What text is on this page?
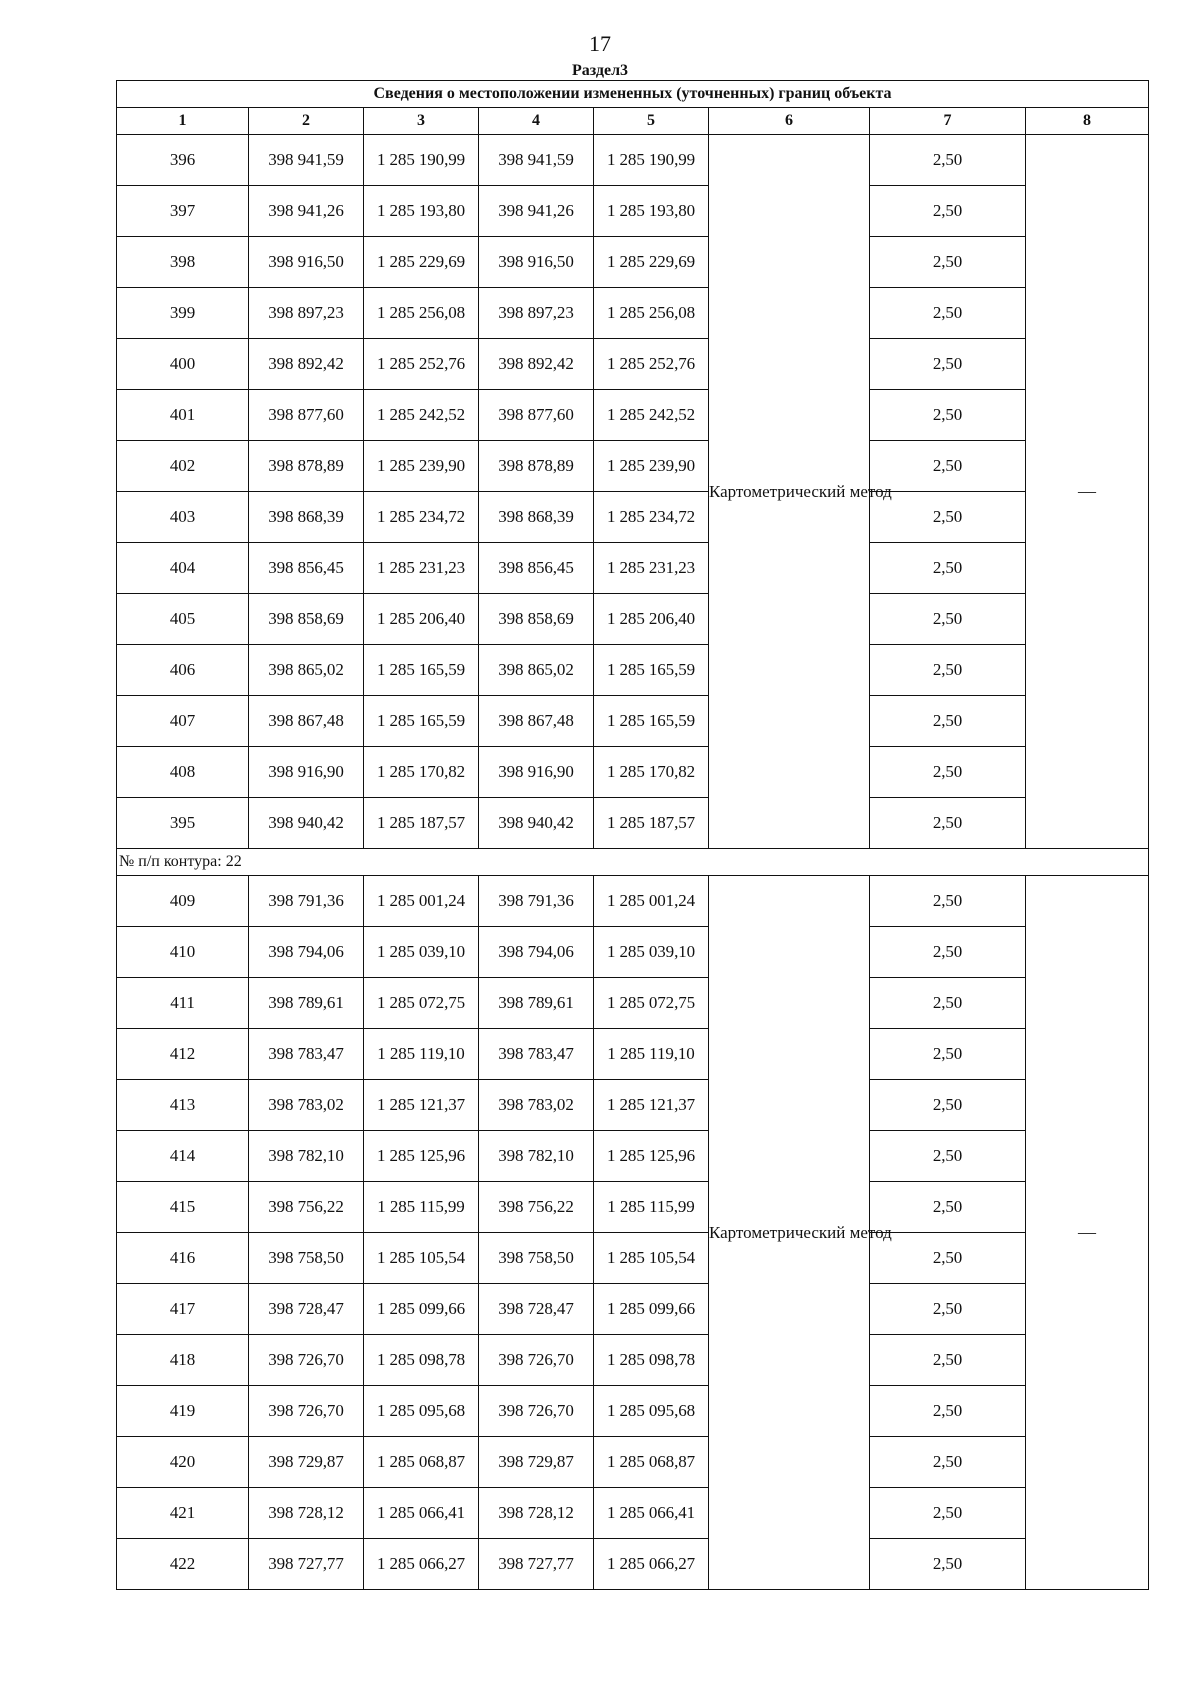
17
Раздел3
Сведения о местоположении измененных (уточненных) границ объекта							
1	2	3	4	5	6	7	8
396	398 941,59	1 285 190,99	398 941,59	1 285 190,99	Картометрический метод	2,50	—
397	398 941,26	1 285 193,80	398 941,26	1 285 193,80		2,50	
398	398 916,50	1 285 229,69	398 916,50	1 285 229,69		2,50	
399	398 897,23	1 285 256,08	398 897,23	1 285 256,08		2,50	
400	398 892,42	1 285 252,76	398 892,42	1 285 252,76		2,50	
401	398 877,60	1 285 242,52	398 877,60	1 285 242,52		2,50	
402	398 878,89	1 285 239,90	398 878,89	1 285 239,90		2,50	
403	398 868,39	1 285 234,72	398 868,39	1 285 234,72		2,50	
404	398 856,45	1 285 231,23	398 856,45	1 285 231,23		2,50	
405	398 858,69	1 285 206,40	398 858,69	1 285 206,40		2,50	
406	398 865,02	1 285 165,59	398 865,02	1 285 165,59		2,50	
407	398 867,48	1 285 165,59	398 867,48	1 285 165,59		2,50	
408	398 916,90	1 285 170,82	398 916,90	1 285 170,82		2,50	
395	398 940,42	1 285 187,57	398 940,42	1 285 187,57		2,50	
№ п/п контура: 22							
409	398 791,36	1 285 001,24	398 791,36	1 285 001,24	Картометрический метод	2,50	—
410	398 794,06	1 285 039,10	398 794,06	1 285 039,10		2,50	
411	398 789,61	1 285 072,75	398 789,61	1 285 072,75		2,50	
412	398 783,47	1 285 119,10	398 783,47	1 285 119,10		2,50	
413	398 783,02	1 285 121,37	398 783,02	1 285 121,37		2,50	
414	398 782,10	1 285 125,96	398 782,10	1 285 125,96		2,50	
415	398 756,22	1 285 115,99	398 756,22	1 285 115,99		2,50	
416	398 758,50	1 285 105,54	398 758,50	1 285 105,54		2,50	
417	398 728,47	1 285 099,66	398 728,47	1 285 099,66		2,50	
418	398 726,70	1 285 098,78	398 726,70	1 285 098,78		2,50	
419	398 726,70	1 285 095,68	398 726,70	1 285 095,68		2,50	
420	398 729,87	1 285 068,87	398 729,87	1 285 068,87		2,50	
421	398 728,12	1 285 066,41	398 728,12	1 285 066,41		2,50	
422	398 727,77	1 285 066,27	398 727,77	1 285 066,27		2,50	
